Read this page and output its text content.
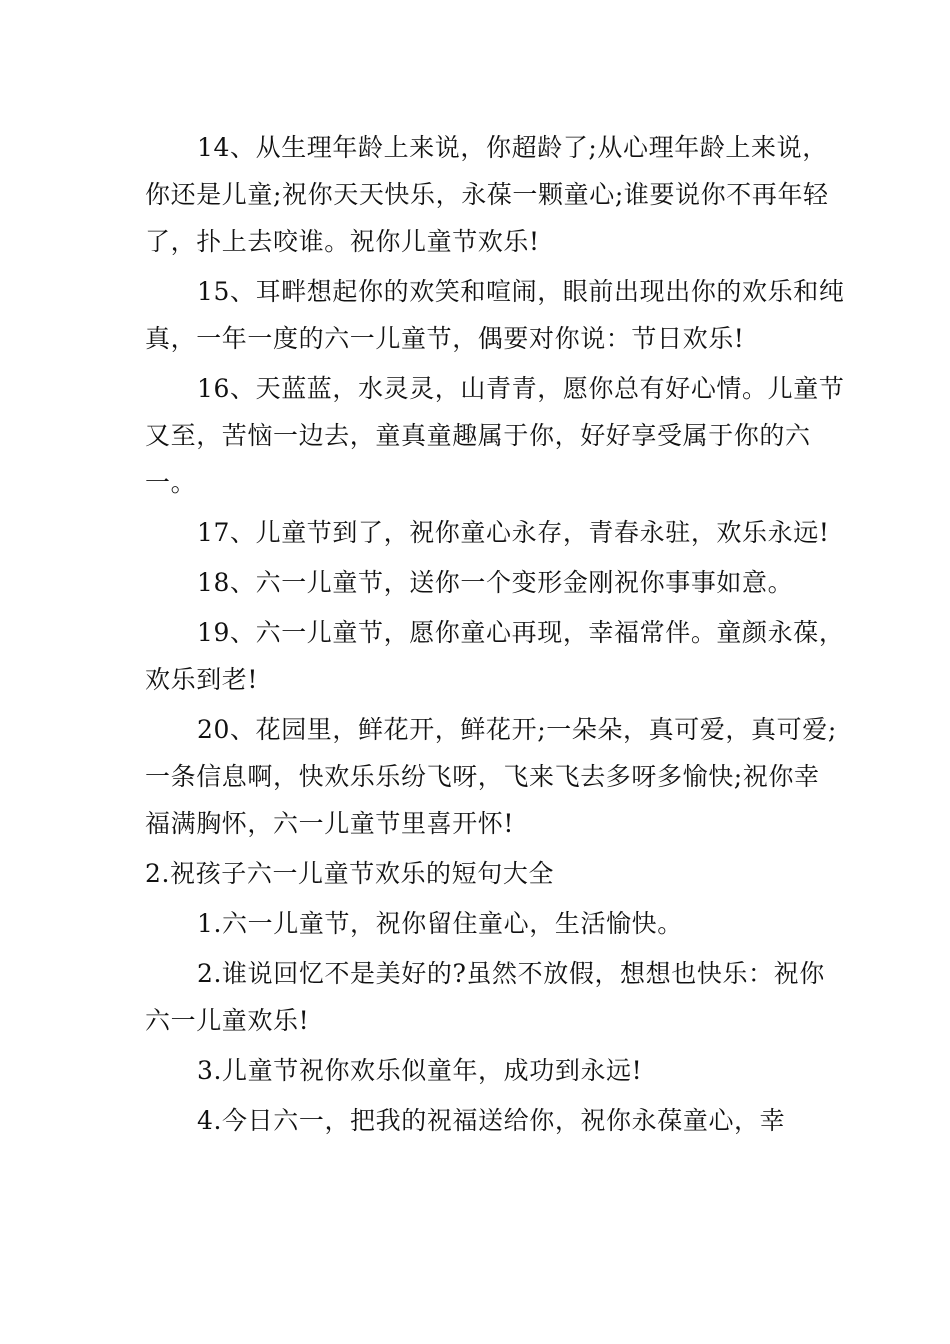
14、从生理年龄上来说，你超龄了;从心理年龄上来说，你还是儿童;祝你天天快乐，永葆一颗童心;谁要说你不再年轻了，扑上去咬谁。祝你儿童节欢乐!

15、耳畔想起你的欢笑和喧闹，眼前出现出你的欢乐和纯真，一年一度的六一儿童节，偶要对你说：节日欢乐!

16、天蓝蓝，水灵灵，山青青，愿你总有好心情。儿童节又至，苦恼一边去，童真童趣属于你，好好享受属于你的六一。

17、儿童节到了，祝你童心永存，青春永驻，欢乐永远!

18、六一儿童节，送你一个变形金刚祝你事事如意。

19、六一儿童节，愿你童心再现，幸福常伴。童颜永葆，欢乐到老!

20、花园里，鲜花开，鲜花开;一朵朵，真可爱，真可爱;一条信息啊，快欢乐乐纷飞呀，飞来飞去多呀多愉快;祝你幸福满胸怀，六一儿童节里喜开怀!

2.祝孩子六一儿童节欢乐的短句大全

1.六一儿童节，祝你留住童心，生活愉快。

2.谁说回忆不是美好的?虽然不放假，想想也快乐：祝你六一儿童欢乐!

3.儿童节祝你欢乐似童年，成功到永远!

4.今日六一，把我的祝福送给你，祝你永葆童心，幸
